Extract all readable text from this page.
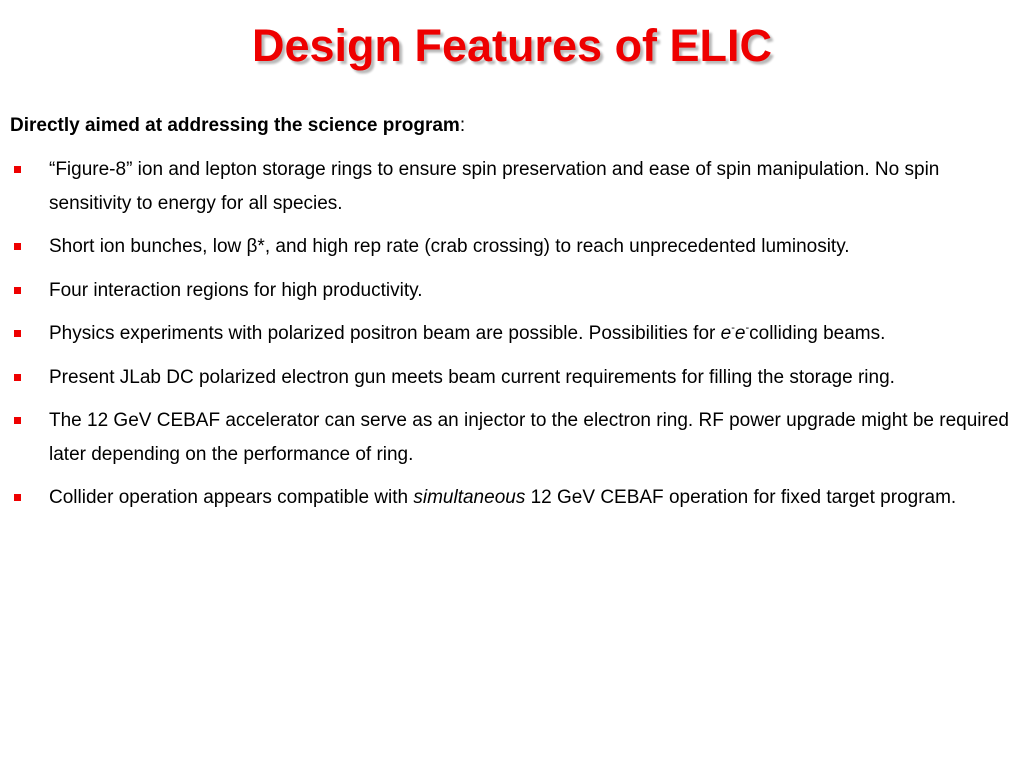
Design Features of ELIC

Directly aimed at addressing the science program:

“Figure-8” ion and lepton storage rings to ensure spin preservation and ease of spin manipulation. No spin sensitivity to energy for all species.
Short ion bunches, low β*, and high rep rate (crab crossing) to reach unprecedented luminosity.
Four interaction regions for high productivity.
Physics experiments with polarized positron beam are possible. Possibilities for e-e-colliding beams.
Present JLab DC polarized electron gun meets beam current requirements for filling the storage ring.
The 12 GeV CEBAF accelerator can serve as an injector to the electron ring. RF power upgrade might be required later depending on the performance of ring.
Collider operation appears compatible with simultaneous 12 GeV CEBAF operation for fixed target program.
